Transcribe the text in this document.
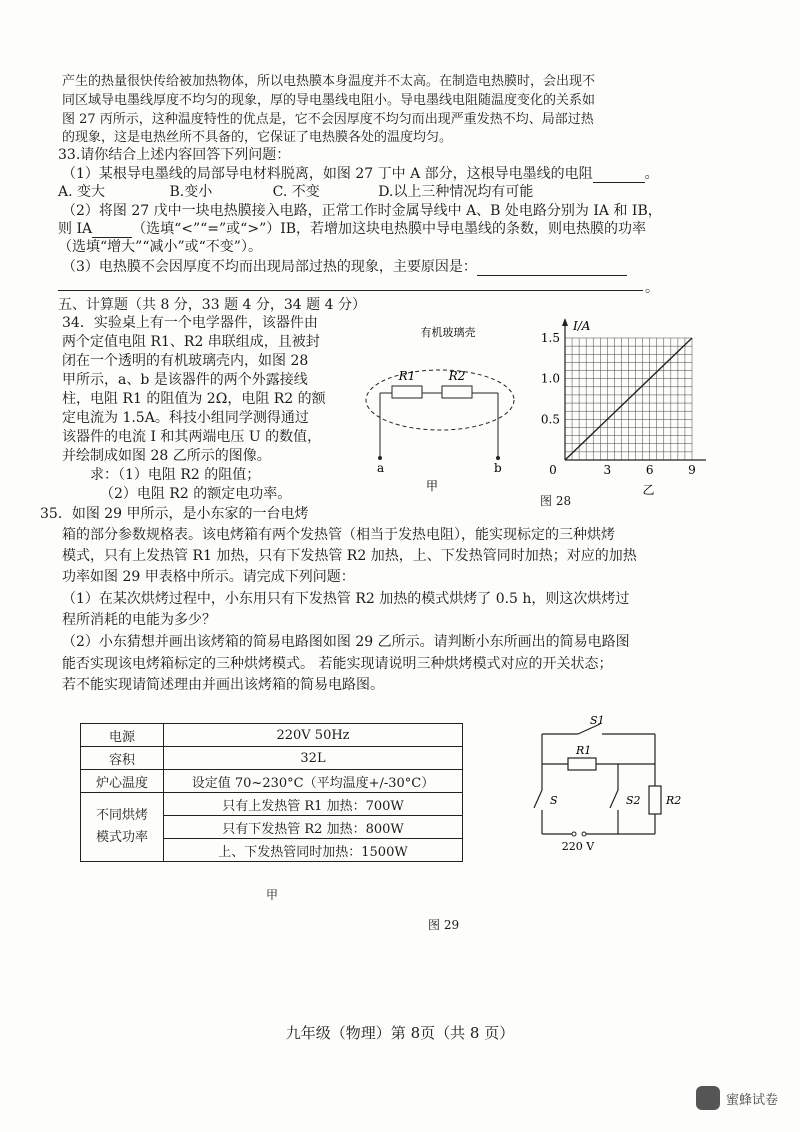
产生的热量很快传给被加热物体，所以电热膜本身温度并不太高。在制造电热膜时，会出现不
同区域导电墨线厚度不均匀的现象，厚的导电墨线电阻小。导电墨线电阻随温度变化的关系如
图 27 丙所示，这种温度特性的优点是，它不会因厚度不均匀而出现严重发热不均、局部过热
的现象，这是电热丝所不具备的，它保证了电热膜各处的温度均匀。
33.请你结合上述内容回答下列问题：
（1）某根导电墨线的局部导电材料脱离，如图 27 丁中 A 部分，这根导电墨线的电阻	。
A. 变大	B.变小	C. 不变	D.以上三种情况均有可能
（2）将图 27 戊中一块电热膜接入电路，正常工作时金属导线中 A、B 处电路分别为 IA 和 IB，
则 IA	（选填“<”“=”或“>”）IB，若增加这块电热膜中导电墨线的条数，则电热膜的功率
（选填“增大”“减小”或“不变”）。
（3）电热膜不会因厚度不均而出现局部过热的现象，主要原因是：
。
五、计算题（共 8 分，33 题 4 分，34 题 4 分）
34．实验桌上有一个电学器件，该器件由
两个定值电阻 R1、R2 串联组成，且被封
闭在一个透明的有机玻璃壳内，如图 28
甲所示，a、b 是该器件的两个外露接线
柱，电阻 R1 的阻值为 2Ω，电阻 R2 的额
定电流为 1.5A。科技小组同学测得通过
该器件的电流 I 和其两端电压 U 的数值，
并绘制成如图 28 乙所示的图像。
求：（1）电阻 R2 的阻值；
（2）电阻 R2 的额定电功率。
有机玻璃壳
R1	R2
a	b
甲
I/A
0	3	6	9
0.5
1.0
1.5
乙
图 28
35．如图 29 甲所示，是小东家的一台电烤
箱的部分参数规格表。该电烤箱有两个发热管（相当于发热电阻），能实现标定的三种烘烤
模式，只有上发热管 R1 加热，只有下发热管 R2 加热，上、下发热管同时加热；对应的加热
功率如图 29 甲表格中所示。请完成下列问题：
（1）在某次烘烤过程中，小东用只有下发热管 R2 加热的模式烘烤了 0.5 h，则这次烘烤过
程所消耗的电能为多少？
（2）小东猜想并画出该烤箱的简易电路图如图 29 乙所示。请判断小东所画出的简易电路图
能否实现该电烤箱标定的三种烘烤模式。 若能实现请说明三种烘烤模式对应的开关状态；
若不能实现请简述理由并画出该烤箱的简易电路图。
电源	220V 50Hz
容积	32L
炉心温度	设定值 70~230°C（平均温度+/-30°C）

不同烘烤
模式功率	只有上发热管 R1 加热：700W
	只有下发热管 R2 加热：800W
	上、下发热管同时加热：1500W
甲
S1
R1
S	S2 R2
220 V
图 29
九年级（物理）第 8页（共 8 页）
蜜蜂试卷
